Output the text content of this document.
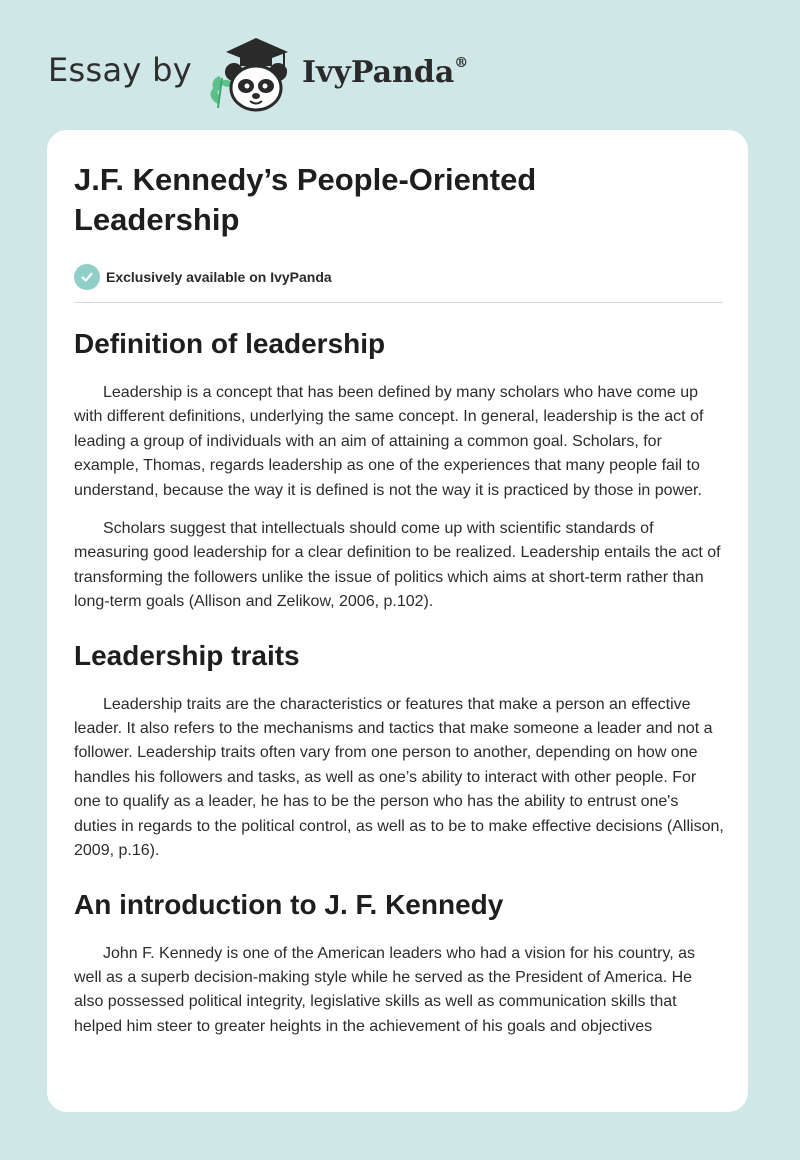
Essay by	IvyPanda®
J.F. Kennedy’s People-Oriented Leadership
Exclusively available on IvyPanda
Definition of leadership

Leadership is a concept that has been defined by many scholars who have come up with different definitions, underlying the same concept. In general, leadership is the act of leading a group of individuals with an aim of attaining a common goal. Scholars, for example, Thomas, regards leadership as one of the experiences that many people fail to understand, because the way it is defined is not the way it is practiced by those in power.

Scholars suggest that intellectuals should come up with scientific standards of measuring good leadership for a clear definition to be realized. Leadership entails the act of transforming the followers unlike the issue of politics which aims at short-term rather than long-term goals (Allison and Zelikow, 2006, p.102).

Leadership traits

Leadership traits are the characteristics or features that make a person an effective leader. It also refers to the mechanisms and tactics that make someone a leader and not a follower. Leadership traits often vary from one person to another, depending on how one handles his followers and tasks, as well as one’s ability to interact with other people. For one to qualify as a leader, he has to be the person who has the ability to entrust one's duties in regards to the political control, as well as to be to make effective decisions (Allison, 2009, p.16).

An introduction to J. F. Kennedy

John F. Kennedy is one of the American leaders who had a vision for his country, as well as a superb decision-making style while he served as the President of America. He also possessed political integrity, legislative skills as well as communication skills that helped him steer to greater heights in the achievement of his goals and objectives
